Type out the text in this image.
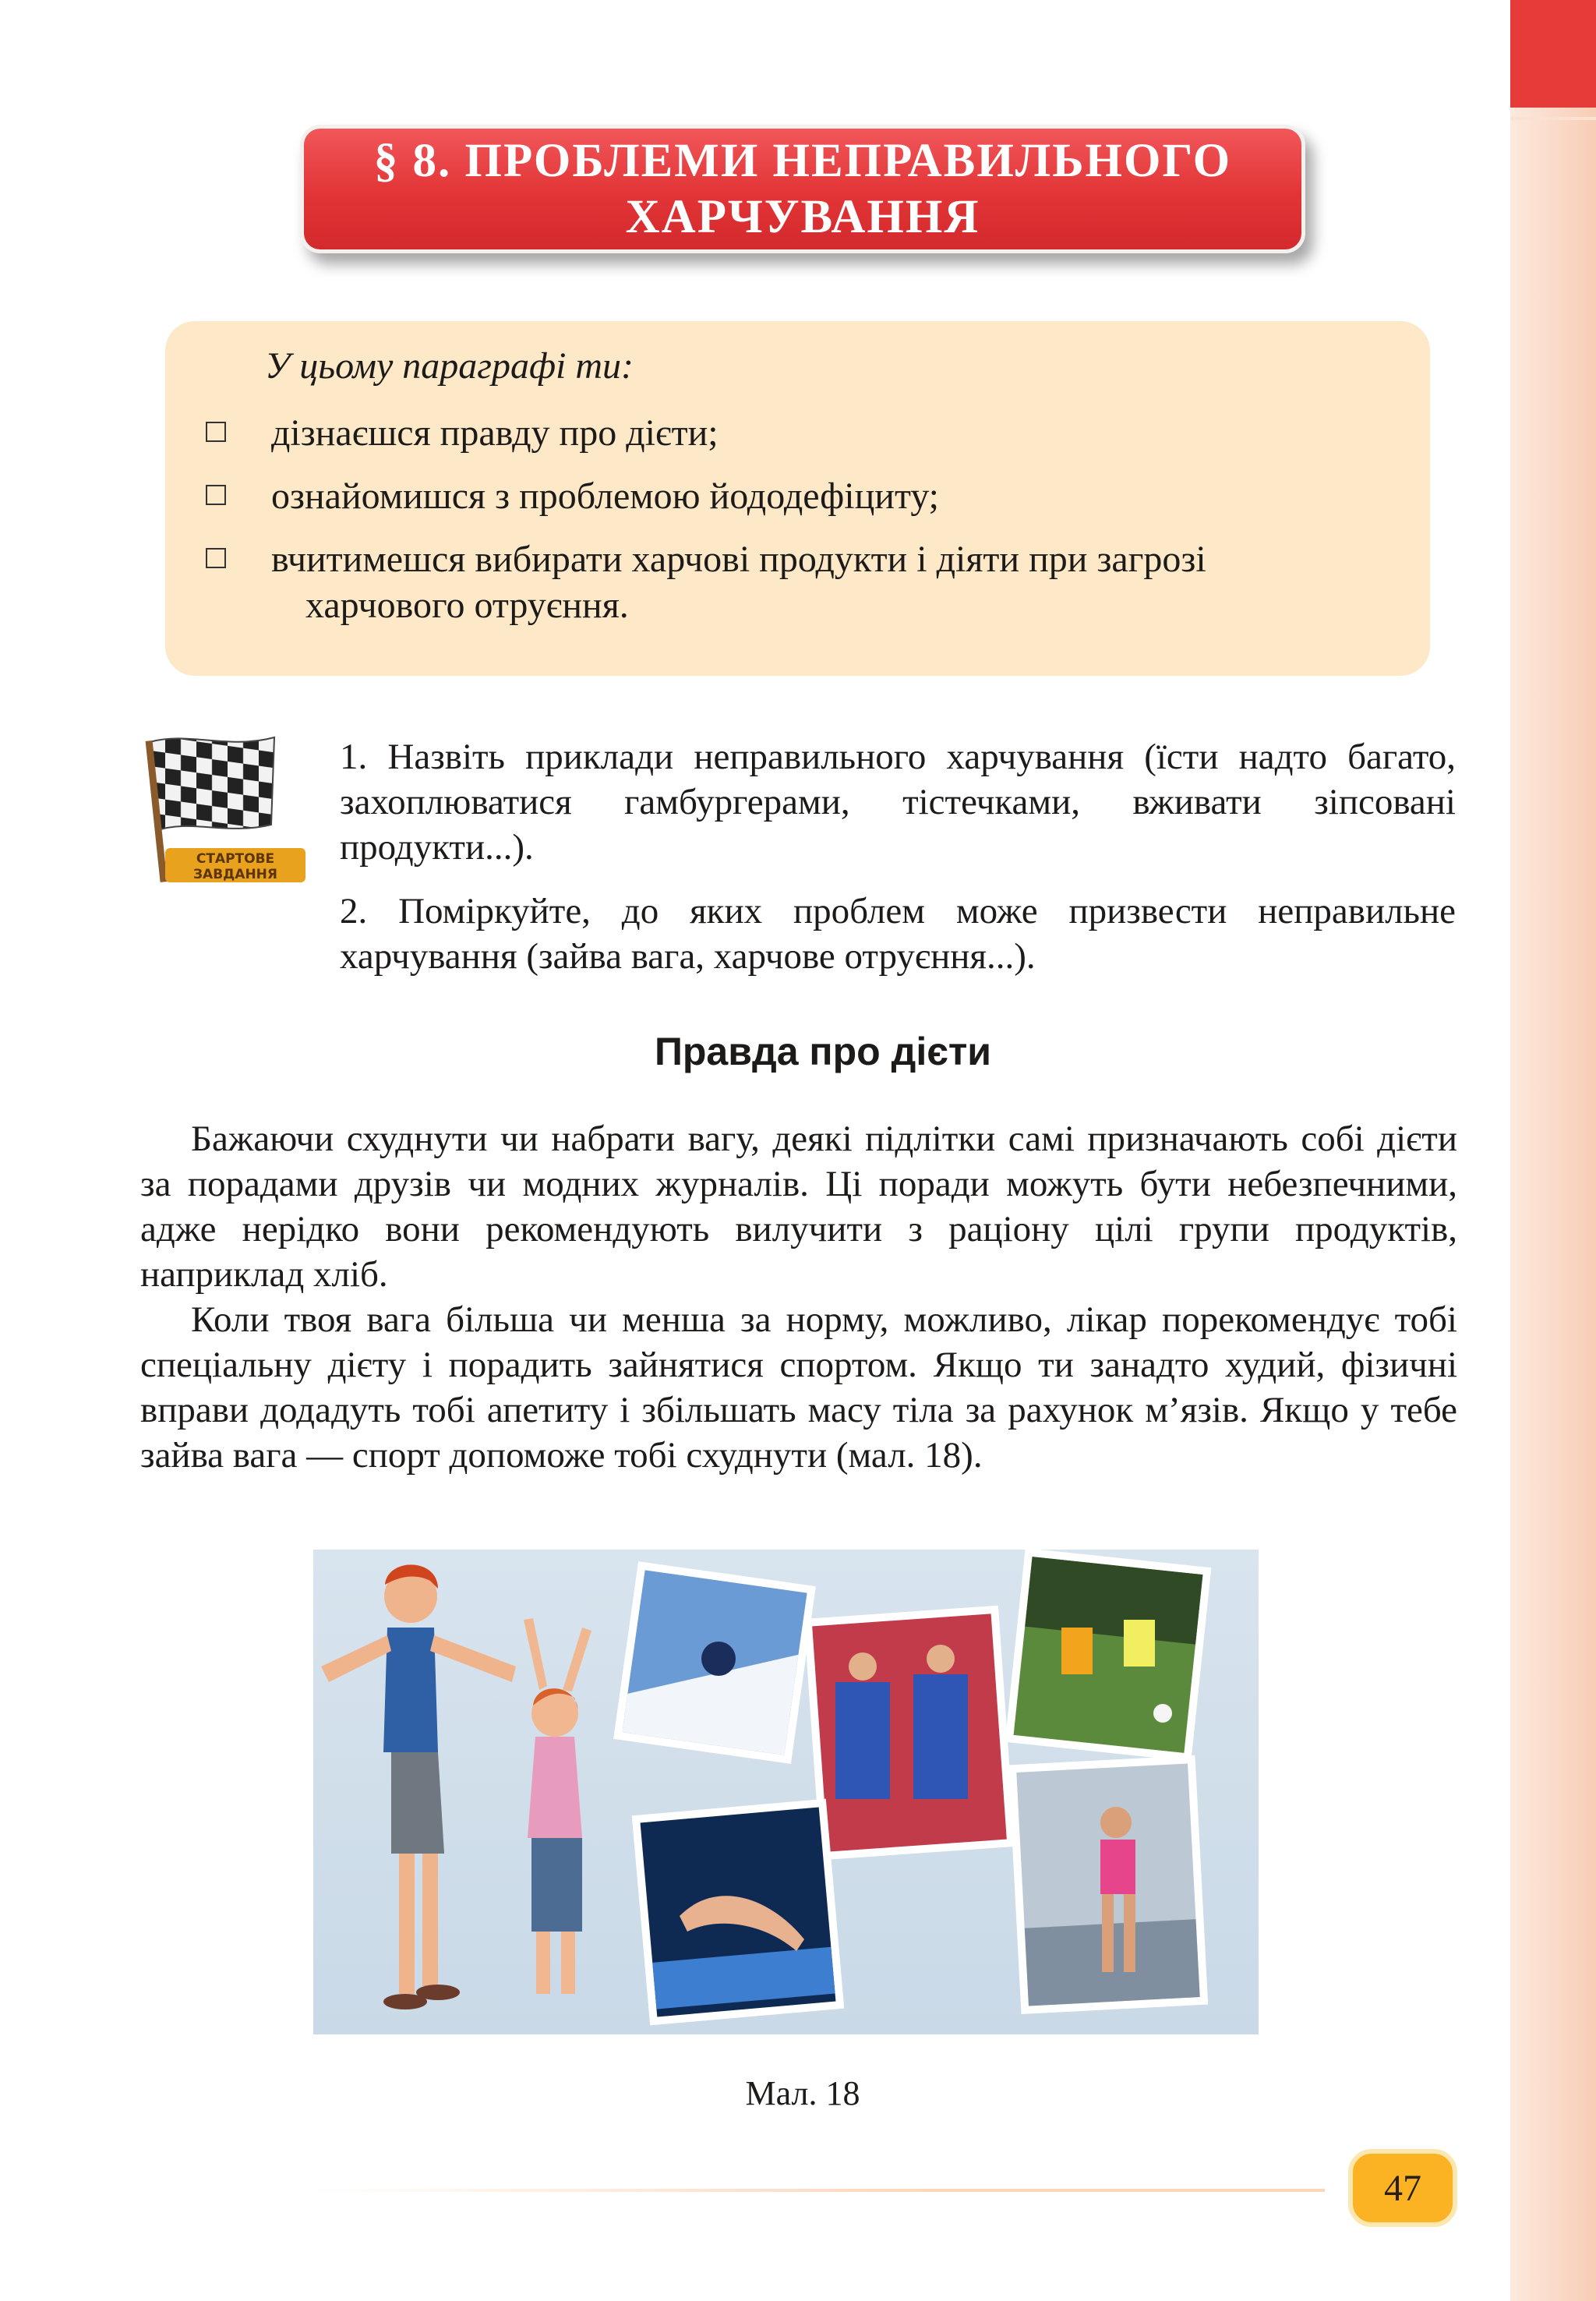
§ 8. ПРОБЛЕМИ НЕПРАВИЛЬНОГО
ХАРЧУВАННЯ
У цьому параграфі ти:
дізнаєшся правду про дієти;
ознайомишся з проблемою йододефіциту;
вчитимешся вибирати харчові продукти і діяти при загрозі
харчового отруєння.
СТАРТОВЕ
ЗАВДАННЯ
1. Назвіть приклади неправильного харчування (їсти надто багато, захоплюватися гамбургерами, тістечками, вживати зіпсовані продукти...).
2. Поміркуйте, до яких проблем може призвести неправильне харчування (зайва вага, харчове отруєння...).
Правда про дієти

Бажаючи схуднути чи набрати вагу, деякі підлітки самі призначають собі дієти за порадами друзів чи модних журналів. Ці поради можуть бути небезпечними, адже нерідко вони рекомендують вилучити з раціону цілі групи продуктів, наприклад хліб.

Коли твоя вага більша чи менша за норму, можливо, лікар порекомендує тобі спеціальну дієту і порадить зайнятися спортом. Якщо ти занадто худий, фізичні вправи додадуть тобі апетиту і збільшать масу тіла за рахунок м’язів. Якщо у тебе зайва вага — спорт допоможе тобі схуднути (мал. 18).

Мал. 18
47
